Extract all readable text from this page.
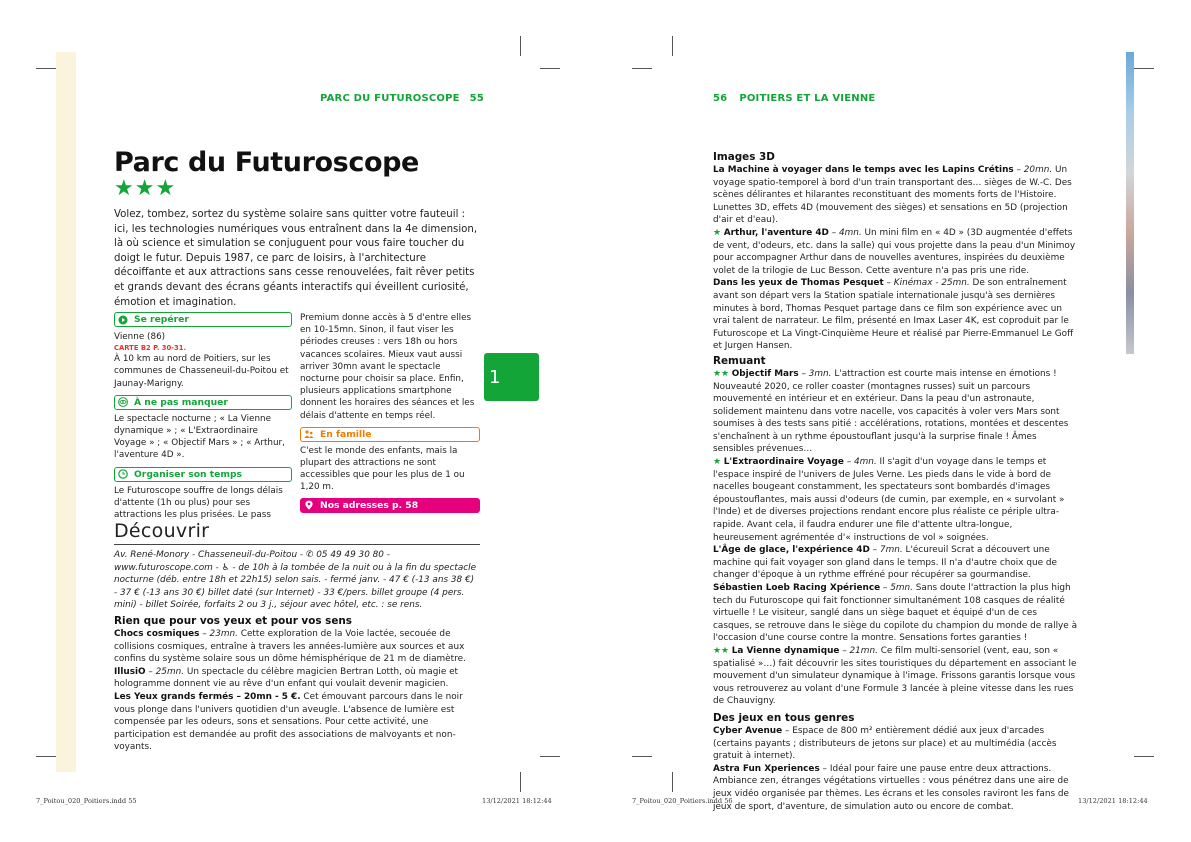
PARC DU FUTUROSCOPE 55	56 POITIERS ET LA VIENNE
Parc du Futuroscope
★★★
Volez, tombez, sortez du système solaire sans quitter votre fauteuil : ici, les technologies numériques vous entraînent dans la 4e dimension, là où science et simulation se conjuguent pour vous faire toucher du doigt le futur. Depuis 1987, ce parc de loisirs, à l'architecture décoiffante et aux attractions sans cesse renouvelées, fait rêver petits et grands devant des écrans géants interactifs qui éveillent curiosité, émotion et imagination.
Se repérer
Vienne (86)
CARTE B2 P. 30-31.
À 10 km au nord de Poitiers, sur les communes de Chasseneuil-du-Poitou et Jaunay-Marigny.
À ne pas manquer
Le spectacle nocturne ; « La Vienne dynamique » ; « L'Extraordinaire Voyage » ; « Objectif Mars » ; « Arthur, l'aventure 4D ».
Organiser son temps
Le Futuroscope souffre de longs délais d'attente (1h ou plus) pour ses attractions les plus prisées. Le pass
Premium donne accès à 5 d'entre elles en 10-15mn. Sinon, il faut viser les périodes creuses : vers 18h ou hors vacances scolaires. Mieux vaut aussi arriver 30mn avant le spectacle nocturne pour choisir sa place. Enfin, plusieurs applications smartphone donnent les horaires des séances et les délais d'attente en temps réel.
En famille
C'est le monde des enfants, mais la plupart des attractions ne sont accessibles que pour les plus de 1 ou 1,20 m.
Nos adresses p. 58
1
Découvrir
Av. René-Monory - Chasseneuil-du-Poitou - ✆ 05 49 49 30 80 - www.futuroscope.com - ♿ - de 10h à la tombée de la nuit ou à la fin du spectacle nocturne (déb. entre 18h et 22h15) selon sais. - fermé janv. - 47 € (-13 ans 38 €) - 37 € (-13 ans 30 €) billet daté (sur Internet) - 33 €/pers. billet groupe (4 pers. mini) - billet Soirée, forfaits 2 ou 3 j., séjour avec hôtel, etc. : se rens.
Rien que pour vos yeux et pour vos sens
Chocs cosmiques – 23mn. Cette exploration de la Voie lactée, secouée de collisions cosmiques, entraîne à travers les années-lumière aux sources et aux confins du système solaire sous un dôme hémisphérique de 21 m de diamètre.
IllusiO – 25mn. Un spectacle du célèbre magicien Bertran Lotth, où magie et hologramme donnent vie au rêve d'un enfant qui voulait devenir magicien.
Les Yeux grands fermés – 20mn - 5 €. Cet émouvant parcours dans le noir vous plonge dans l'univers quotidien d'un aveugle. L'absence de lumière est compensée par les odeurs, sons et sensations. Pour cette activité, une participation est demandée au profit des associations de malvoyants et non-voyants.
Images 3D
La Machine à voyager dans le temps avec les Lapins Crétins – 20mn. Un voyage spatio-temporel à bord d'un train transportant des… sièges de W.-C. Des scènes délirantes et hilarantes reconstituant des moments forts de l'Histoire. Lunettes 3D, effets 4D (mouvement des sièges) et sensations en 5D (projection d'air et d'eau).
★ Arthur, l'aventure 4D – 4mn. Un mini film en « 4D » (3D augmentée d'effets de vent, d'odeurs, etc. dans la salle) qui vous projette dans la peau d'un Minimoy pour accompagner Arthur dans de nouvelles aventures, inspirées du deuxième volet de la trilogie de Luc Besson. Cette aventure n'a pas pris une ride.
Dans les yeux de Thomas Pesquet – Kinémax - 25mn. De son entraînement avant son départ vers la Station spatiale internationale jusqu'à ses dernières minutes à bord, Thomas Pesquet partage dans ce film son expérience avec un vrai talent de narrateur. Le film, présenté en Imax Laser 4K, est coproduit par le Futuroscope et La Vingt-Cinquième Heure et réalisé par Pierre-Emmanuel Le Goff et Jurgen Hansen.
Remuant
★★ Objectif Mars – 3mn. L'attraction est courte mais intense en émotions ! Nouveauté 2020, ce roller coaster (montagnes russes) suit un parcours mouvementé en intérieur et en extérieur. Dans la peau d'un astronaute, solidement maintenu dans votre nacelle, vos capacités à voler vers Mars sont soumises à des tests sans pitié : accélérations, rotations, montées et descentes s'enchaînent à un rythme époustouflant jusqu'à la surprise finale ! Âmes sensibles prévenues…
★ L'Extraordinaire Voyage – 4mn. Il s'agit d'un voyage dans le temps et l'espace inspiré de l'univers de Jules Verne. Les pieds dans le vide à bord de nacelles bougeant constamment, les spectateurs sont bombardés d'images époustouflantes, mais aussi d'odeurs (de cumin, par exemple, en « survolant » l'Inde) et de diverses projections rendant encore plus réaliste ce périple ultra-rapide. Avant cela, il faudra endurer une file d'attente ultra-longue, heureusement agrémentée d'« instructions de vol » soignées.
L'Âge de glace, l'expérience 4D – 7mn. L'écureuil Scrat a découvert une machine qui fait voyager son gland dans le temps. Il n'a d'autre choix que de changer d'époque à un rythme effréné pour récupérer sa gourmandise.
Sébastien Loeb Racing Xpérience – 5mn. Sans doute l'attraction la plus high tech du Futuroscope qui fait fonctionner simultanément 108 casques de réalité virtuelle ! Le visiteur, sanglé dans un siège baquet et équipé d'un de ces casques, se retrouve dans le siège du copilote du champion du monde de rallye à l'occasion d'une course contre la montre. Sensations fortes garanties !
★★ La Vienne dynamique – 21mn. Ce film multi-sensoriel (vent, eau, son « spatialisé »…) fait découvrir les sites touristiques du département en associant le mouvement d'un simulateur dynamique à l'image. Frissons garantis lorsque vous vous retrouverez au volant d'une Formule 3 lancée à pleine vitesse dans les rues de Chauvigny.
Des jeux en tous genres
Cyber Avenue – Espace de 800 m² entièrement dédié aux jeux d'arcades (certains payants ; distributeurs de jetons sur place) et au multimédia (accès gratuit à internet).
Astra Fun Xperiences – Idéal pour faire une pause entre deux attractions. Ambiance zen, étranges végétations virtuelles : vous pénétrez dans une aire de jeux vidéo organisée par thèmes. Les écrans et les consoles raviront les fans de jeux de sport, d'aventure, de simulation auto ou encore de combat.
7_Poitou_020_Poitiers.indd 55	13/12/2021 18:12:44	7_Poitou_020_Poitiers.indd 56	13/12/2021 18:12:44
